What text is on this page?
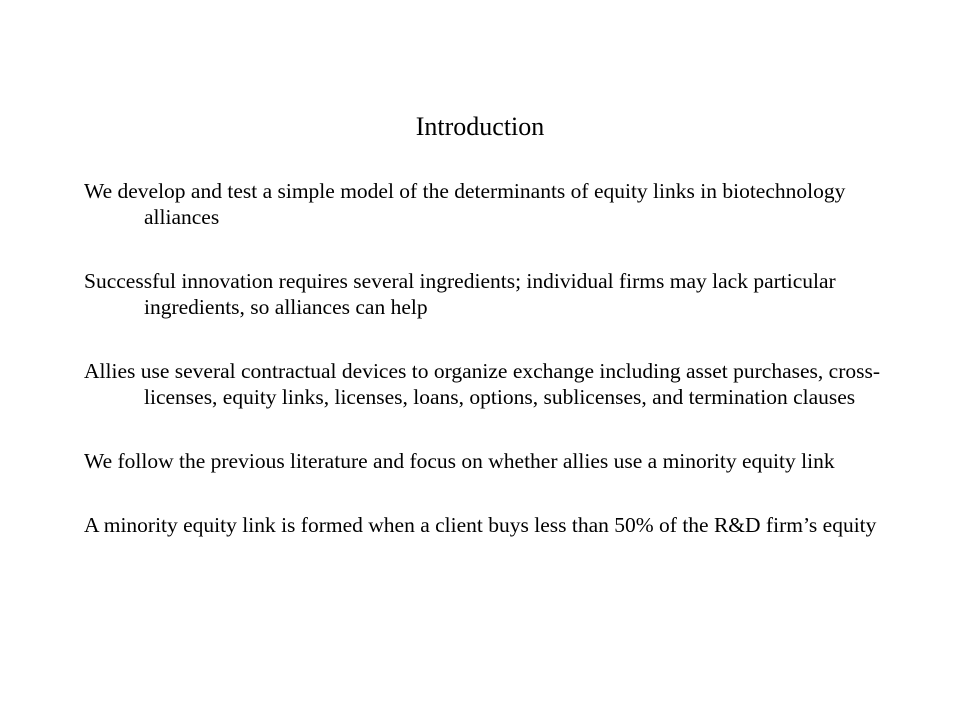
Introduction
We develop and test a simple model of the determinants of equity links in biotechnology alliances
Successful innovation requires several ingredients; individual firms may lack particular ingredients, so alliances can help
Allies use several contractual devices to organize exchange including asset purchases, cross-licenses, equity links, licenses, loans, options, sublicenses, and termination clauses
We follow the previous literature and focus on whether allies use a minority equity link
A minority equity link is formed when a client buys less than 50% of the R&D firm’s equity
